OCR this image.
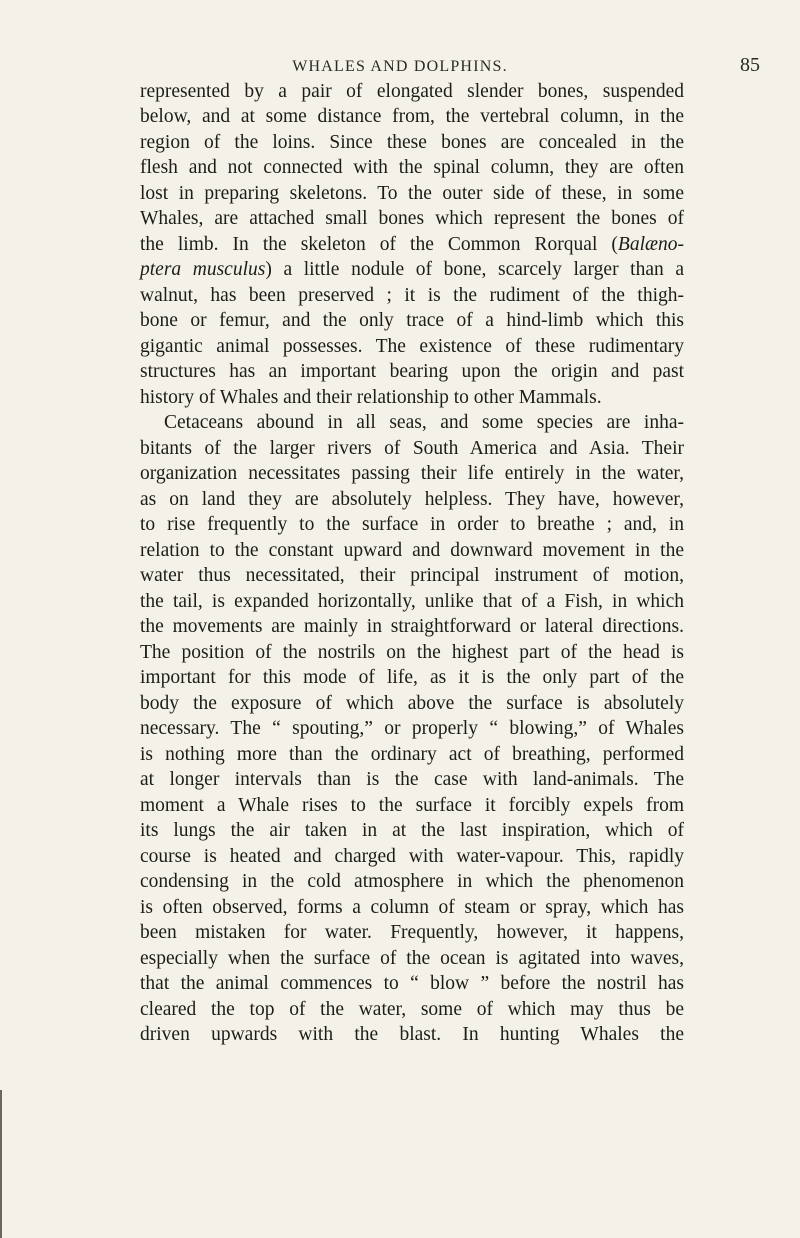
WHALES AND DOLPHINS.	85
represented by a pair of elongated slender bones, suspended
below, and at some distance from, the vertebral column, in the
region of the loins. Since these bones are concealed in the
flesh and not connected with the spinal column, they are often
lost in preparing skeletons. To the outer side of these, in some
Whales, are attached small bones which represent the bones of
the limb. In the skeleton of the Common Rorqual (Balæno-
ptera musculus) a little nodule of bone, scarcely larger than a
walnut, has been preserved ; it is the rudiment of the thigh-
bone or femur, and the only trace of a hind-limb which this
gigantic animal possesses. The existence of these rudimentary
structures has an important bearing upon the origin and past
history of Whales and their relationship to other Mammals.
Cetaceans abound in all seas, and some species are inha-
bitants of the larger rivers of South America and Asia. Their
organization necessitates passing their life entirely in the water,
as on land they are absolutely helpless. They have, however,
to rise frequently to the surface in order to breathe ; and, in
relation to the constant upward and downward movement in the
water thus necessitated, their principal instrument of motion,
the tail, is expanded horizontally, unlike that of a Fish, in which
the movements are mainly in straightforward or lateral directions.
The position of the nostrils on the highest part of the head is
important for this mode of life, as it is the only part of the
body the exposure of which above the surface is absolutely
necessary. The “ spouting,” or properly “ blowing,” of Whales
is nothing more than the ordinary act of breathing, performed
at longer intervals than is the case with land-animals. The
moment a Whale rises to the surface it forcibly expels from
its lungs the air taken in at the last inspiration, which of
course is heated and charged with water-vapour. This, rapidly
condensing in the cold atmosphere in which the phenomenon
is often observed, forms a column of steam or spray, which has
been mistaken for water. Frequently, however, it happens,
especially when the surface of the ocean is agitated into waves,
that the animal commences to “ blow ” before the nostril has
cleared the top of the water, some of which may thus be
driven upwards with the blast. In hunting Whales the
